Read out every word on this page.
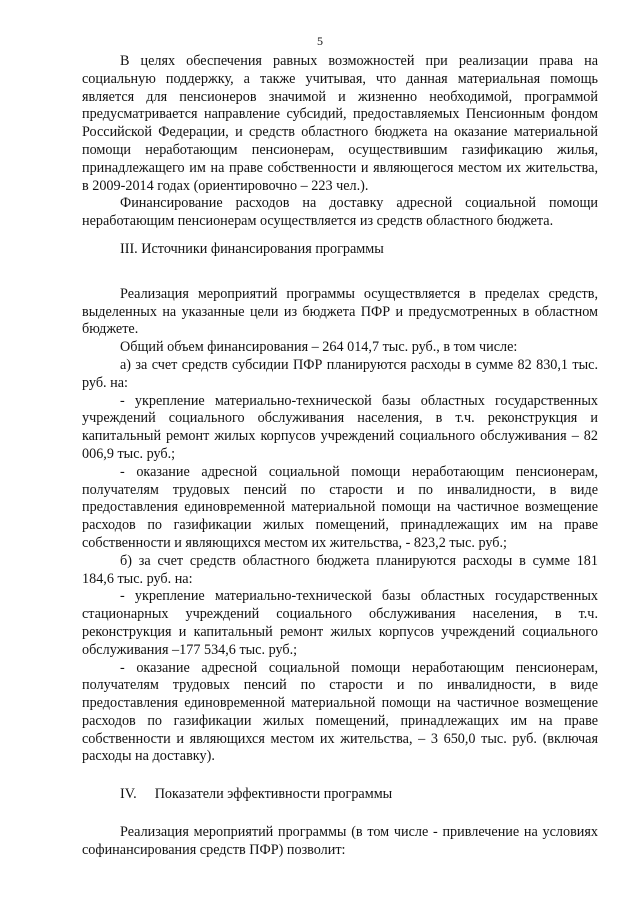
5

В целях обеспечения равных возможностей при реализации права на социальную поддержку, а также учитывая, что данная материальная помощь является для пенсионеров значимой и жизненно необходимой, программой предусматривается направление субсидий, предоставляемых Пенсионным фондом Российской Федерации, и средств областного бюджета на оказание материальной помощи неработающим пенсионерам, осуществившим газификацию жилья, принадлежащего им на праве собственности и являющегося местом их жительства, в 2009-2014 годах (ориентировочно – 223 чел.).

Финансирование расходов на доставку адресной социальной помощи неработающим пенсионерам осуществляется из средств областного бюджета.

III. Источники финансирования программы

Реализация мероприятий программы осуществляется в пределах средств, выделенных на указанные цели из бюджета ПФР и предусмотренных в областном бюджете.

Общий объем финансирования – 264 014,7 тыс. руб., в том числе:

а) за счет средств субсидии ПФР планируются расходы в сумме 82 830,1 тыс. руб. на:

- укрепление материально-технической базы областных государственных учреждений социального обслуживания населения, в т.ч. реконструкция и капитальный ремонт жилых корпусов учреждений социального обслуживания – 82 006,9 тыс. руб.;

- оказание адресной социальной помощи неработающим пенсионерам, получателям трудовых пенсий по старости и по инвалидности, в виде предоставления единовременной материальной помощи на частичное возмещение расходов по газификации жилых помещений, принадлежащих им на праве собственности и являющихся местом их жительства, - 823,2 тыс. руб.;

б) за счет средств областного бюджета планируются расходы в сумме 181 184,6 тыс. руб. на:

- укрепление материально-технической базы областных государственных стационарных учреждений социального обслуживания населения, в т.ч. реконструкция и капитальный ремонт жилых корпусов учреждений социального обслуживания –177 534,6 тыс. руб.;

- оказание адресной социальной помощи неработающим пенсионерам, получателям трудовых пенсий по старости и по инвалидности, в виде предоставления единовременной материальной помощи на частичное возмещение расходов по газификации жилых помещений, принадлежащих им на праве собственности и являющихся местом их жительства, – 3 650,0 тыс. руб. (включая расходы на доставку).

IV. Показатели эффективности программы

Реализация мероприятий программы (в том числе - привлечение на условиях софинансирования средств ПФР) позволит:
